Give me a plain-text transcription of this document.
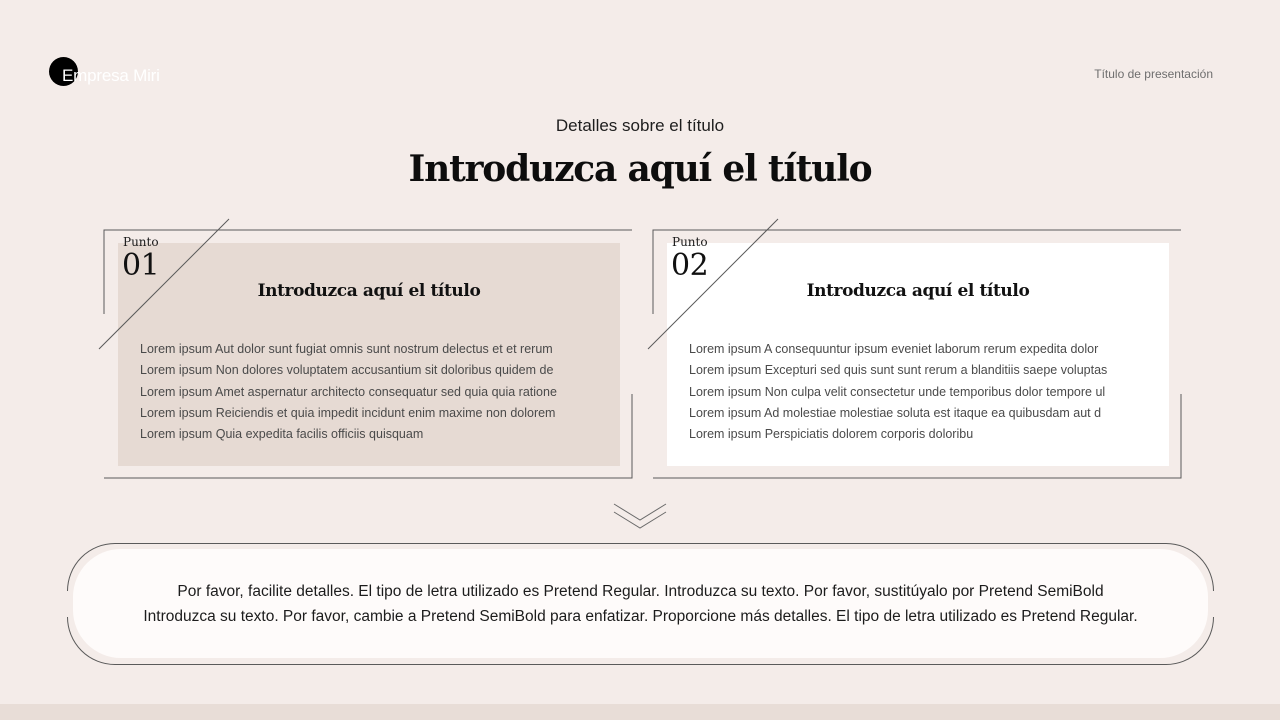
Empresa Miri	Título de presentación
Detalles sobre el título
Introduzca aquí el título
Punto
01
Introduzca aquí el título
Lorem ipsum Aut dolor sunt fugiat omnis sunt nostrum delectus et et rerum
Lorem ipsum Non dolores voluptatem accusantium sit doloribus quidem de
Lorem ipsum Amet aspernatur architecto consequatur sed quia quia ratione
Lorem ipsum Reiciendis et quia impedit incidunt enim maxime non dolorem
Lorem ipsum Quia expedita facilis officiis quisquam
Punto
02
Introduzca aquí el título
Lorem ipsum A consequuntur ipsum eveniet laborum rerum expedita dolor
Lorem ipsum Excepturi sed quis sunt sunt rerum a blanditiis saepe voluptas
Lorem ipsum Non culpa velit consectetur unde temporibus dolor tempore ul
Lorem ipsum Ad molestiae molestiae soluta est itaque ea quibusdam aut d
Lorem ipsum Perspiciatis dolorem corporis doloribu
Por favor, facilite detalles. El tipo de letra utilizado es Pretend Regular. Introduzca su texto. Por favor, sustitúyalo por Pretend SemiBold
Introduzca su texto. Por favor, cambie a Pretend SemiBold para enfatizar. Proporcione más detalles. El tipo de letra utilizado es Pretend Regular.
